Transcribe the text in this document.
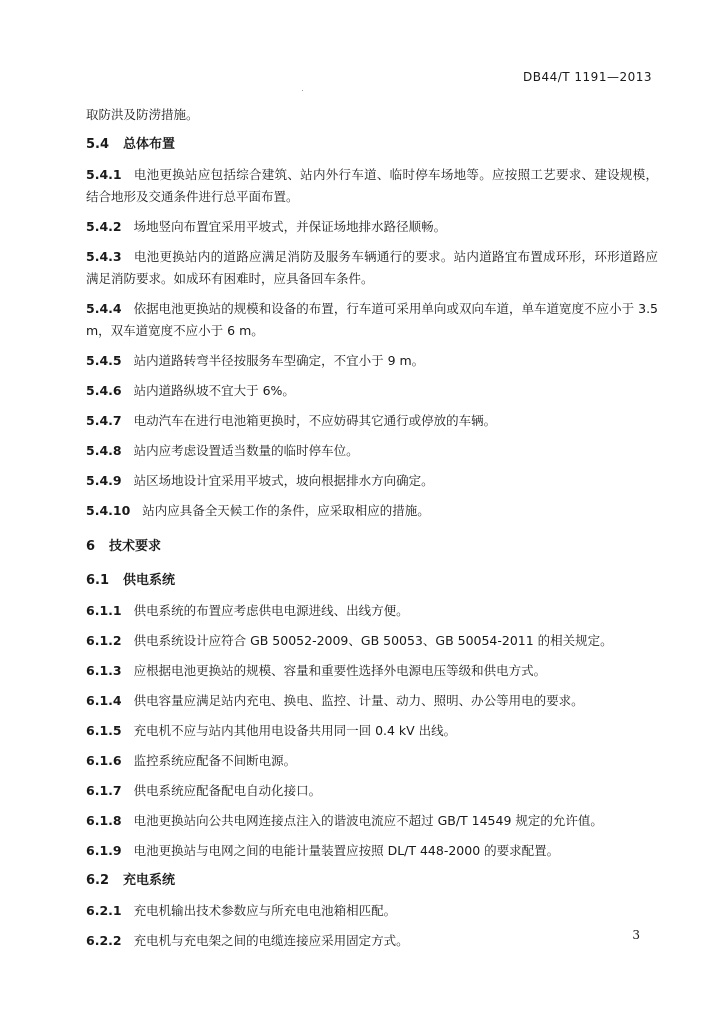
DB44/T 1191—2013
取防洪及防涝措施。
5.4 总体布置
5.4.1 电池更换站应包括综合建筑、站内外行车道、临时停车场地等。应按照工艺要求、建设规模，结合地形及交通条件进行总平面布置。
5.4.2 场地竖向布置宜采用平坡式，并保证场地排水路径顺畅。
5.4.3 电池更换站内的道路应满足消防及服务车辆通行的要求。站内道路宜布置成环形，环形道路应满足消防要求。如成环有困难时，应具备回车条件。
5.4.4 依据电池更换站的规模和设备的布置，行车道可采用单向或双向车道，单车道宽度不应小于 3.5 m，双车道宽度不应小于 6 m。
5.4.5 站内道路转弯半径按服务车型确定，不宜小于 9 m。
5.4.6 站内道路纵坡不宜大于 6%。
5.4.7 电动汽车在进行电池箱更换时，不应妨碍其它通行或停放的车辆。
5.4.8 站内应考虑设置适当数量的临时停车位。
5.4.9 站区场地设计宜采用平坡式，坡向根据排水方向确定。
5.4.10 站内应具备全天候工作的条件，应采取相应的措施。
6 技术要求
6.1 供电系统
6.1.1 供电系统的布置应考虑供电电源进线、出线方便。
6.1.2 供电系统设计应符合 GB 50052-2009、GB 50053、GB 50054-2011 的相关规定。
6.1.3 应根据电池更换站的规模、容量和重要性选择外电源电压等级和供电方式。
6.1.4 供电容量应满足站内充电、换电、监控、计量、动力、照明、办公等用电的要求。
6.1.5 充电机不应与站内其他用电设备共用同一回 0.4 kV 出线。
6.1.6 监控系统应配备不间断电源。
6.1.7 供电系统应配备配电自动化接口。
6.1.8 电池更换站向公共电网连接点注入的谐波电流应不超过 GB/T 14549 规定的允许值。
6.1.9 电池更换站与电网之间的电能计量装置应按照 DL/T 448-2000 的要求配置。
6.2 充电系统
6.2.1 充电机输出技术参数应与所充电电池箱相匹配。
6.2.2 充电机与充电架之间的电缆连接应采用固定方式。	3
